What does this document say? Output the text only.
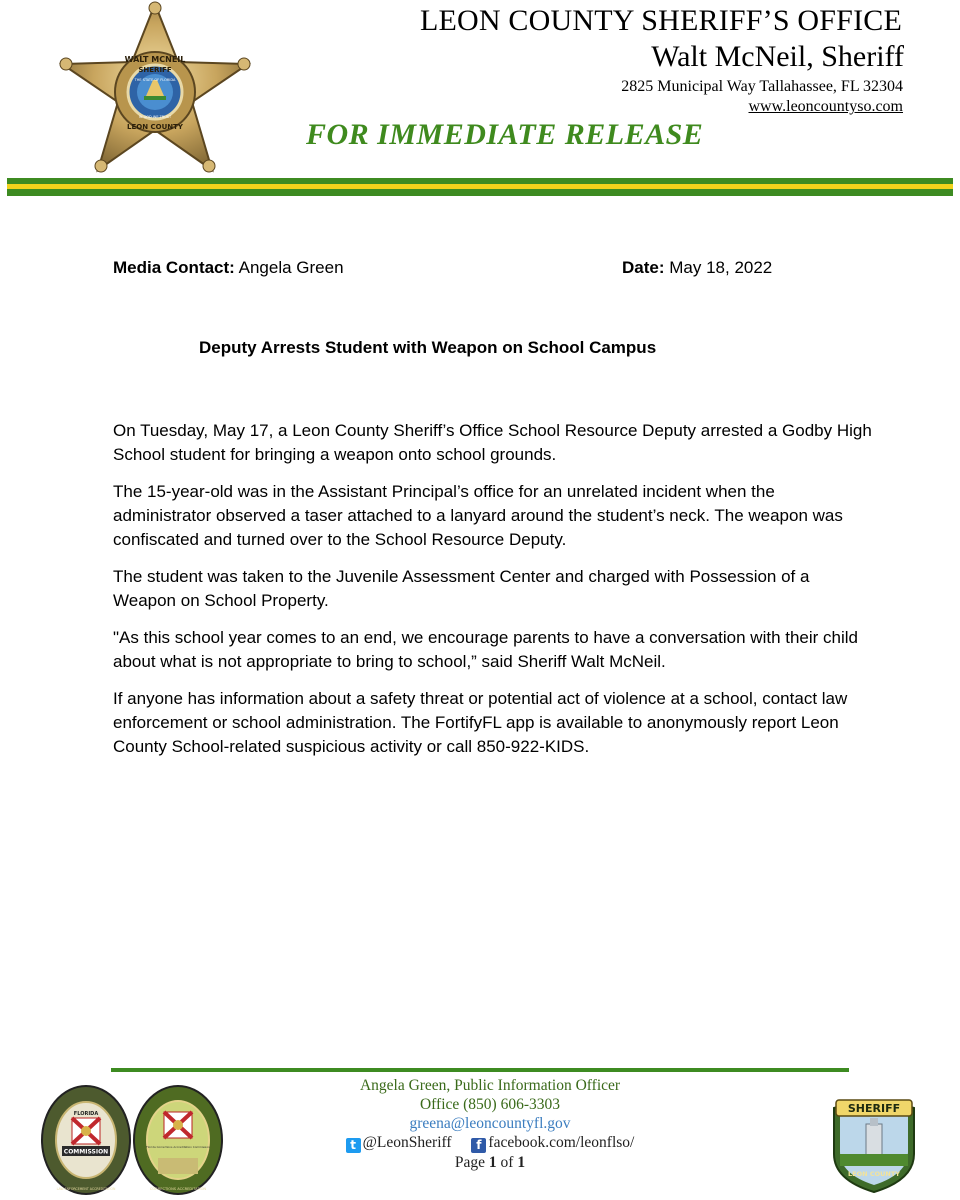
WALT MCNEIL
SHERIFF
THE STATE OF FLORIDA
IN GOD WE TRUST
LEON COUNTY
LEON COUNTY SHERIFF’S OFFICE
Walt McNeil, Sheriff
2825 Municipal Way Tallahassee, FL 32304
www.leoncountyso.com
FOR IMMEDIATE RELEASE
Media Contact: Angela Green	Date: May 18, 2022
Deputy Arrests Student with Weapon on School Campus

On Tuesday, May 17, a Leon County Sheriff’s Office School Resource Deputy arrested a Godby High School student for bringing a weapon onto school grounds.

The 15-year-old was in the Assistant Principal’s office for an unrelated incident when the administrator observed a taser attached to a lanyard around the student’s neck. The weapon was confiscated and turned over to the School Resource Deputy.

The student was taken to the Juvenile Assessment Center and charged with Possession of a Weapon on School Property.

"As this school year comes to an end, we encourage parents to have a conversation with their child about what is not appropriate to bring to school,” said Sheriff Walt McNeil.

If anyone has information about a safety threat or potential act of violence at a school, contact law enforcement or school administration. The FortifyFL app is available to anonymously report Leon County School-related suspicious activity or call 850-922-KIDS.

FLORIDA
COMMISSION
LAW ENFORCEMENT ACCREDITATION
Florida Corrections Accreditation Commission
CORRECTIONS ACCREDITATION
Angela Green, Public Information Officer
Office (850) 606-3303
greena@leoncountyfl.gov
t @LeonSheriff f facebook.com/leonflso/
Page 1 of 1
SHERIFF
LEON COUNTY
